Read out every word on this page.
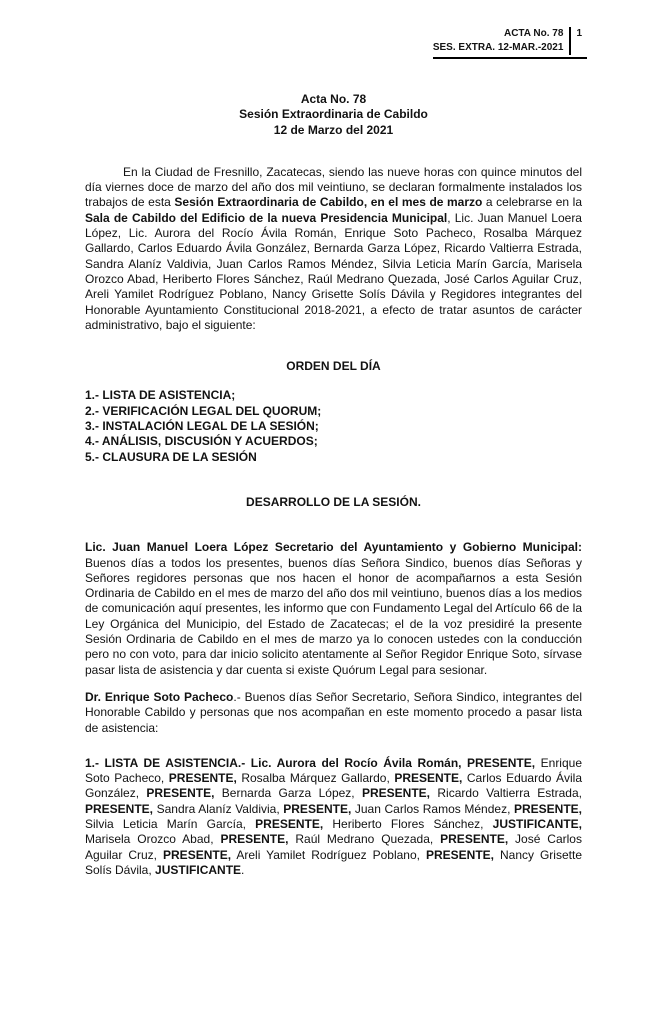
ACTA No. 78
SES. EXTRA. 12-MAR.-2021
1
Acta No. 78
Sesión Extraordinaria de Cabildo
12 de Marzo del 2021
En la Ciudad de Fresnillo, Zacatecas, siendo las nueve horas con quince minutos del día viernes doce de marzo del año dos mil veintiuno, se declaran formalmente instalados los trabajos de esta Sesión Extraordinaria de Cabildo, en el mes de marzo a celebrarse en la Sala de Cabildo del Edificio de la nueva Presidencia Municipal, Lic. Juan Manuel Loera López, Lic. Aurora del Rocío Ávila Román, Enrique Soto Pacheco, Rosalba Márquez Gallardo, Carlos Eduardo Ávila González, Bernarda Garza López, Ricardo Valtierra Estrada, Sandra Alaníz Valdivia, Juan Carlos Ramos Méndez, Silvia Leticia Marín García, Marisela Orozco Abad, Heriberto Flores Sánchez, Raúl Medrano Quezada, José Carlos Aguilar Cruz, Areli Yamilet Rodríguez Poblano, Nancy Grisette Solís Dávila y Regidores integrantes del Honorable Ayuntamiento Constitucional 2018-2021, a efecto de tratar asuntos de carácter administrativo, bajo el siguiente:
ORDEN DEL DÍA
1.- LISTA DE ASISTENCIA;
2.- VERIFICACIÓN LEGAL DEL QUORUM;
3.- INSTALACIÓN LEGAL DE LA SESIÓN;
4.- ANÁLISIS, DISCUSIÓN Y ACUERDOS;
5.- CLAUSURA DE LA SESIÓN
DESARROLLO DE LA SESIÓN.
Lic. Juan Manuel Loera López Secretario del Ayuntamiento y Gobierno Municipal: Buenos días a todos los presentes, buenos días Señora Sindico, buenos días Señoras y Señores regidores personas que nos hacen el honor de acompañarnos a esta Sesión Ordinaria de Cabildo en el mes de marzo del año dos mil veintiuno, buenos días a los medios de comunicación aquí presentes, les informo que con Fundamento Legal del Artículo 66 de la Ley Orgánica del Municipio, del Estado de Zacatecas; el de la voz presidiré la presente Sesión Ordinaria de Cabildo en el mes de marzo ya lo conocen ustedes con la conducción pero no con voto, para dar inicio solicito atentamente al Señor Regidor Enrique Soto, sírvase pasar lista de asistencia y dar cuenta si existe Quórum Legal para sesionar.
Dr. Enrique Soto Pacheco.- Buenos días Señor Secretario, Señora Sindico, integrantes del Honorable Cabildo y personas que nos acompañan en este momento procedo a pasar lista de asistencia:
1.- LISTA DE ASISTENCIA.- Lic. Aurora del Rocío Ávila Román, PRESENTE, Enrique Soto Pacheco, PRESENTE, Rosalba Márquez Gallardo, PRESENTE, Carlos Eduardo Ávila González, PRESENTE, Bernarda Garza López, PRESENTE, Ricardo Valtierra Estrada, PRESENTE, Sandra Alaníz Valdivia, PRESENTE, Juan Carlos Ramos Méndez, PRESENTE, Silvia Leticia Marín García, PRESENTE, Heriberto Flores Sánchez, JUSTIFICANTE, Marisela Orozco Abad, PRESENTE, Raúl Medrano Quezada, PRESENTE, José Carlos Aguilar Cruz, PRESENTE, Areli Yamilet Rodríguez Poblano, PRESENTE, Nancy Grisette Solís Dávila, JUSTIFICANTE.
